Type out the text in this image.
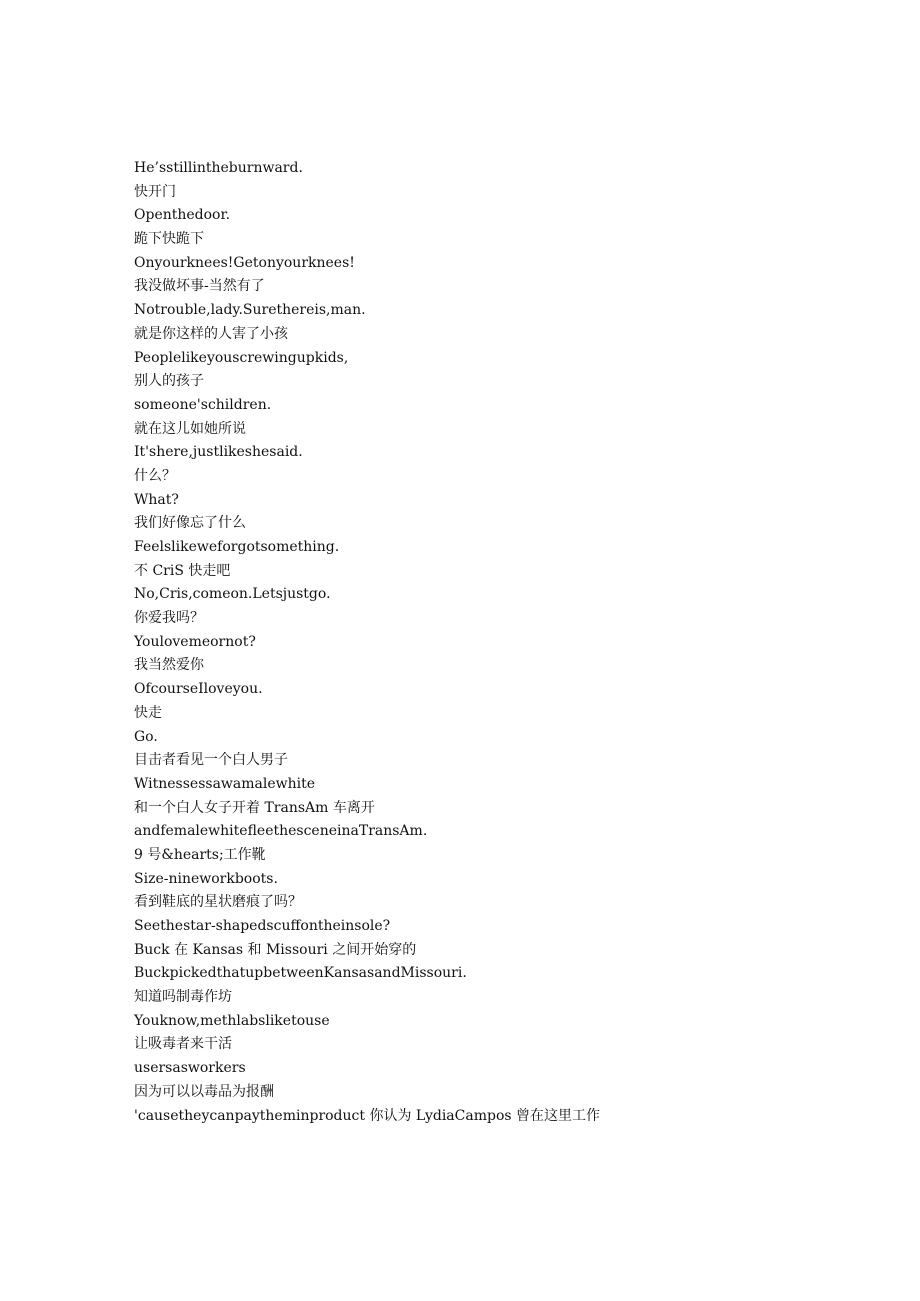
He’sstillintheburnward.
快开门
Openthedoor.
跪下快跪下
Onyourknees!Getonyourknees!
我没做坏事-当然有了
Notrouble,lady.Surethereis,man.
就是你这样的人害了小孩
Peoplelikeyouscrewingupkids,
别人的孩子
someone'schildren.
就在这儿如她所说
It'shere,justlikeshesaid.
什么？
What?
我们好像忘了什么
Feelslikeweforgotsomething.
不 CriS 快走吧
No,Cris,comeon.Letsjustgo.
你爱我吗？
Youlovemeornot?
我当然爱你
OfcourseIloveyou.
快走
Go.
目击者看见一个白人男子
Witnessessawamalewhite
和一个白人女子开着 TransAm 车离开
andfemalewhitefleethesceneinaTransAm.
9 号&hearts;工作靴
Size-nineworkboots.
看到鞋底的星状磨痕了吗？
Seethestar-shapedscuffontheinsole?
Buck 在 Kansas 和 Missouri 之间开始穿的
BuckpickedthatupbetweenKansasandMissouri.
知道吗制毒作坊
Youknow,methlabsliketouse
让吸毒者来干活
usersasworkers
因为可以以毒品为报酬
'causetheycanpaytheminproduct 你认为 LydiaCampos 曾在这里工作
